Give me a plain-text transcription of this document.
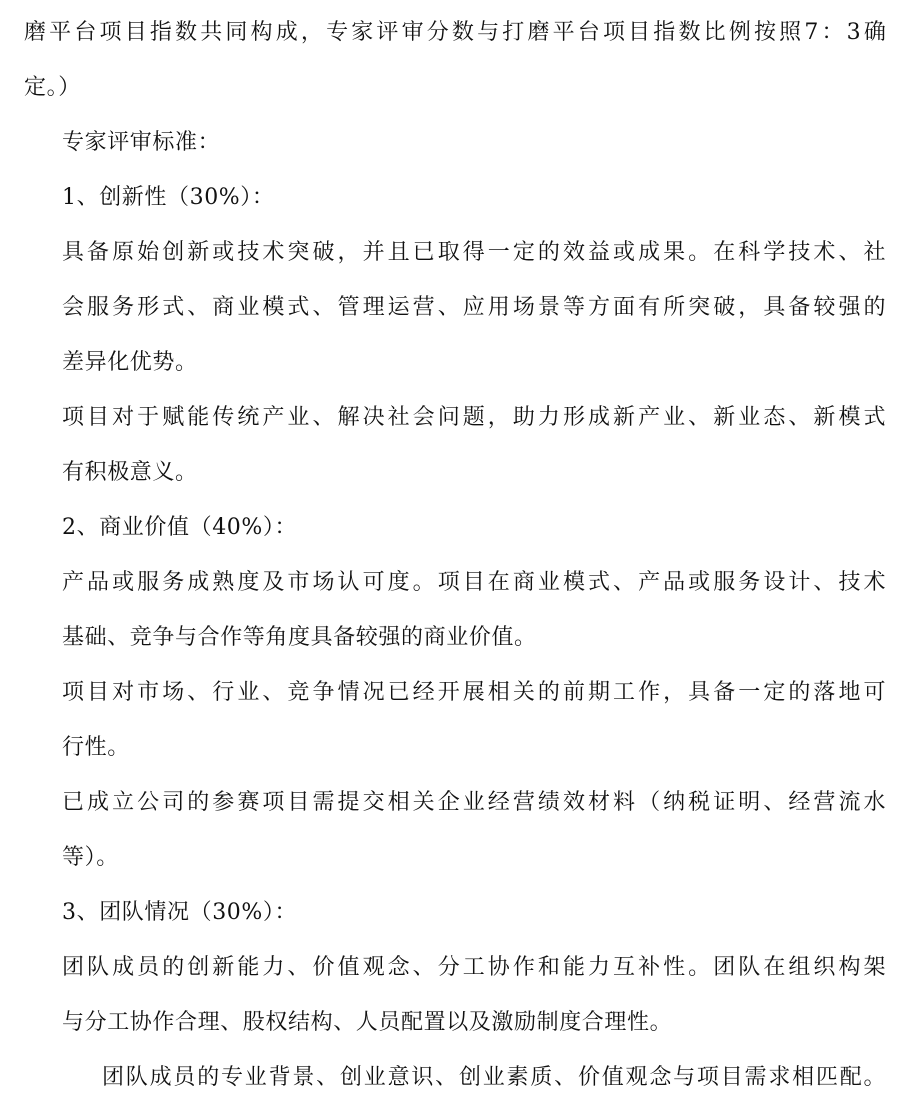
磨 平 台 项 目 指 数 共 同 构 成 ， 专 家 评 审 分 数 与 打 磨 平 台 项 目 指 数 比 例 按 照 7 ： 3 确
定。）
专家评审标准：
1、创新性（30%）：
具 备 原 始 创 新 或 技 术 突 破 ， 并 且 已 取 得 一 定 的 效 益 或 成 果 。 在 科 学 技 术 、 社
会 服 务 形 式 、 商 业 模 式 、 管 理 运 营 、 应 用 场 景 等 方 面 有 所 突 破 ， 具 备 较 强 的
差异化优势。
项 目 对 于 赋 能 传 统 产 业 、 解 决 社 会 问 题 ， 助 力 形 成 新 产 业 、 新 业 态 、 新 模 式
有积极意义。
2、商业价值（40%）：
产 品 或 服 务 成 熟 度 及 市 场 认 可 度 。 项 目 在 商 业 模 式 、 产 品 或 服 务 设 计 、 技 术
基础、竞争与合作等角度具备较强的商业价值。
项 目 对 市 场 、 行 业 、 竞 争 情 况 已 经 开 展 相 关 的 前 期 工 作 ， 具 备 一 定 的 落 地 可
行性。
已 成 立 公 司 的 参 赛 项 目 需 提 交 相 关 企 业 经 营 绩 效 材 料 （ 纳 税 证 明 、 经 营 流 水
等）。
3、团队情况（30%）：
团 队 成 员 的 创 新 能 力 、 价 值 观 念 、 分 工 协 作 和 能 力 互 补 性 。 团 队 在 组 织 构 架
与分工协作合理、股权结构、人员配置以及激励制度合理性。
团 队 成 员 的 专 业 背 景 、 创 业 意 识 、 创 业 素 质 、 价 值 观 念 与 项 目 需 求 相 匹 配 。
